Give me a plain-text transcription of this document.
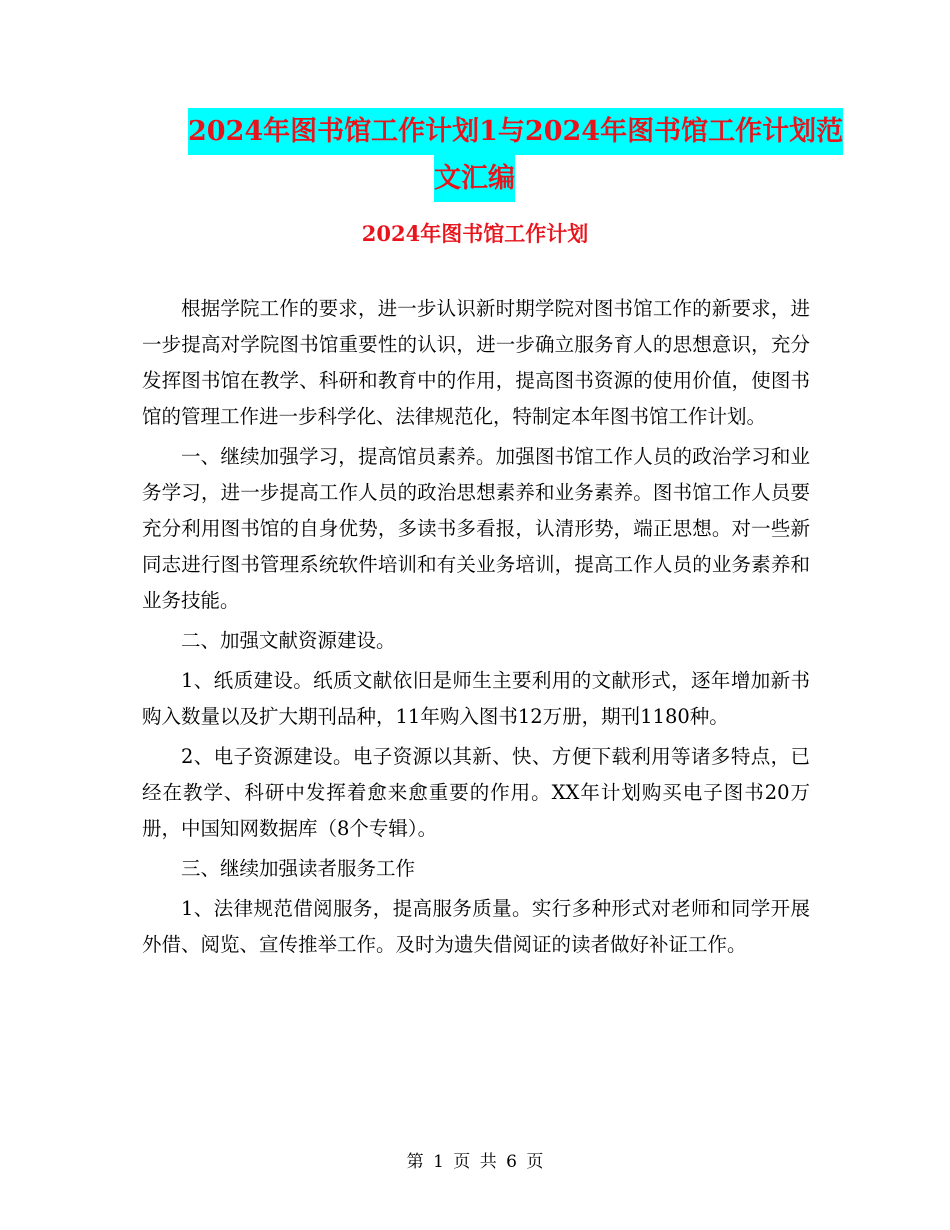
2024年图书馆工作计划1与2024年图书馆工作计划范
文汇编
2024年图书馆工作计划

根据学院工作的要求，进一步认识新时期学院对图书馆工作的新要求，进一步提高对学院图书馆重要性的认识，进一步确立服务育人的思想意识，充分发挥图书馆在教学、科研和教育中的作用，提高图书资源的使用价值，使图书馆的管理工作进一步科学化、法律规范化，特制定本年图书馆工作计划。

一、继续加强学习，提高馆员素养。加强图书馆工作人员的政治学习和业务学习，进一步提高工作人员的政治思想素养和业务素养。图书馆工作人员要充分利用图书馆的自身优势，多读书多看报，认清形势，端正思想。对一些新同志进行图书管理系统软件培训和有关业务培训，提高工作人员的业务素养和业务技能。

二、加强文献资源建设。

1、纸质建设。纸质文献依旧是师生主要利用的文献形式，逐年增加新书购入数量以及扩大期刊品种，11年购入图书12万册，期刊1180种。

2、电子资源建设。电子资源以其新、快、方便下载利用等诸多特点，已经在教学、科研中发挥着愈来愈重要的作用。XX年计划购买电子图书20万册，中国知网数据库（8个专辑）。

三、继续加强读者服务工作

1、法律规范借阅服务，提高服务质量。实行多种形式对老师和同学开展外借、阅览、宣传推举工作。及时为遗失借阅证的读者做好补证工作。

第 1 页 共 6 页
